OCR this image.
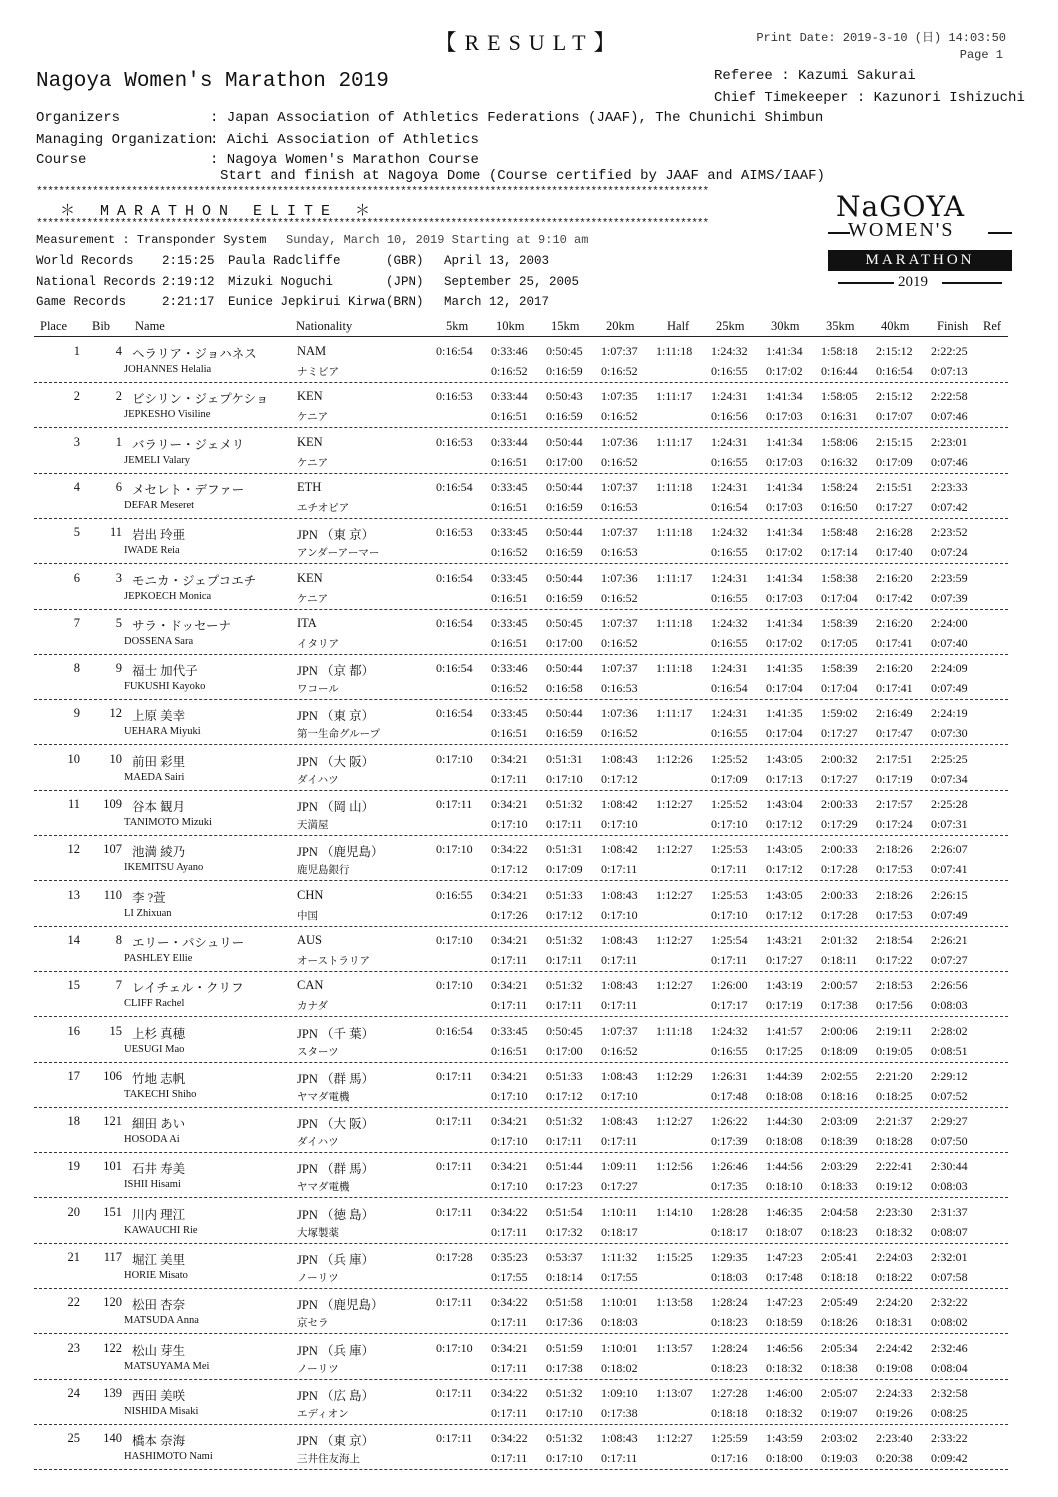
【RESULT】	Print Date: 2019-3-10 (日) 14:03:50
Page 1
Nagoya Women's Marathon 2019	Referee : Kazumi Sakurai
Chief Timekeeper : Kazunori Ishizuchi
Organizers	: Japan Association of Athletics Federations (JAAF), The Chunichi Shimbun
Managing Organization: Aichi Association of Athletics
Course	: Nagoya Women's Marathon Course
Start and finish at Nagoya Dome (Course certified by JAAF and AIMS/IAAF)
************************************************************************************************************************
＊ MARATHON ELITE ＊
************************************************************************************************************************
Measurement : Transponder System Sunday, March 10, 2019 Starting at 9:10 am
World Records 2:15:25 Paula Radcliffe	(GBR) April 13, 2003
National Records 2:19:12 Mizuki Noguchi	(JPN) September 25, 2005
Game Records	2:21:17 Eunice Jepkirui Kirwa (BRN) March 12, 2017
NaGOYA
WOMEN'S
MARATHON
2019
Place Bib Name	Nationality	5km 10km 15km 20km	Half 25km 30km 35km 40km Finish Ref
1	4 ヘラリア・ジョハネス	NAM	0:16:54 0:33:46 0:50:45 1:07:37 1:11:18 1:24:32 1:41:34 1:58:18 2:15:12 2:22:25
JOHANNES Helalia	ナミビア	0:16:52 0:16:59 0:16:52	0:16:55 0:17:02 0:16:44 0:16:54 0:07:13
2	2 ビシリン・ジェプケショ KEN	0:16:53 0:33:44 0:50:43 1:07:35 1:11:17 1:24:31 1:41:34 1:58:05 2:15:12 2:22:58
JEPKESHO Visiline	ケニア	0:16:51 0:16:59 0:16:52	0:16:56 0:17:03 0:16:31 0:17:07 0:07:46
3	1 バラリー・ジェメリ	KEN	0:16:53 0:33:44 0:50:44 1:07:36 1:11:17 1:24:31 1:41:34 1:58:06 2:15:15 2:23:01
JEMELI Valary	ケニア	0:16:51 0:17:00 0:16:52	0:16:55 0:17:03 0:16:32 0:17:09 0:07:46
4	6 メセレト・デファー	ETH	0:16:54 0:33:45 0:50:44 1:07:37 1:11:18 1:24:31 1:41:34 1:58:24 2:15:51 2:23:33
DEFAR Meseret	エチオピア	0:16:51 0:16:59 0:16:53	0:16:54 0:17:03 0:16:50 0:17:27 0:07:42
5 11 岩出 玲亜	JPN （東 京）	0:16:53 0:33:45 0:50:44 1:07:37 1:11:18 1:24:32 1:41:34 1:58:48 2:16:28 2:23:52
IWADE Reia	アンダーアーマー	0:16:52 0:16:59 0:16:53	0:16:55 0:17:02 0:17:14 0:17:40 0:07:24
6	3 モニカ・ジェプコエチ	KEN	0:16:54 0:33:45 0:50:44 1:07:36 1:11:17 1:24:31 1:41:34 1:58:38 2:16:20 2:23:59
JEPKOECH Monica	ケニア	0:16:51 0:16:59 0:16:52	0:16:55 0:17:03 0:17:04 0:17:42 0:07:39
7	5 サラ・ドッセーナ	ITA	0:16:54 0:33:45 0:50:45 1:07:37 1:11:18 1:24:32 1:41:34 1:58:39 2:16:20 2:24:00
DOSSENA Sara	イタリア	0:16:51 0:17:00 0:16:52	0:16:55 0:17:02 0:17:05 0:17:41 0:07:40
8	9 福士 加代子	JPN （京 都）	0:16:54 0:33:46 0:50:44 1:07:37 1:11:18 1:24:31 1:41:35 1:58:39 2:16:20 2:24:09
FUKUSHI Kayoko	ワコール	0:16:52 0:16:58 0:16:53	0:16:54 0:17:04 0:17:04 0:17:41 0:07:49
9 12 上原 美幸	JPN （東 京）	0:16:54 0:33:45 0:50:44 1:07:36 1:11:17 1:24:31 1:41:35 1:59:02 2:16:49 2:24:19
UEHARA Miyuki	第一生命グループ	0:16:51 0:16:59 0:16:52	0:16:55 0:17:04 0:17:27 0:17:47 0:07:30
10 10 前田 彩里	JPN （大 阪）	0:17:10 0:34:21 0:51:31 1:08:43 1:12:26 1:25:52 1:43:05 2:00:32 2:17:51 2:25:25
MAEDA Sairi	ダイハツ	0:17:11 0:17:10 0:17:12	0:17:09 0:17:13 0:17:27 0:17:19 0:07:34
11 109 谷本 観月	JPN （岡 山）	0:17:11 0:34:21 0:51:32 1:08:42 1:12:27 1:25:52 1:43:04 2:00:33 2:17:57 2:25:28
TANIMOTO Mizuki	天満屋	0:17:10 0:17:11 0:17:10	0:17:10 0:17:12 0:17:29 0:17:24 0:07:31
12 107 池満 綾乃	JPN （鹿児島）	0:17:10 0:34:22 0:51:31 1:08:42 1:12:27 1:25:53 1:43:05 2:00:33 2:18:26 2:26:07
IKEMITSU Ayano	鹿児島銀行	0:17:12 0:17:09 0:17:11	0:17:11 0:17:12 0:17:28 0:17:53 0:07:41
13 110 李 ?萱	CHN	0:16:55 0:34:21 0:51:33 1:08:43 1:12:27 1:25:53 1:43:05 2:00:33 2:18:26 2:26:15
LI Zhixuan	中国	0:17:26 0:17:12 0:17:10	0:17:10 0:17:12 0:17:28 0:17:53 0:07:49
14	8 エリー・パシュリー	AUS	0:17:10 0:34:21 0:51:32 1:08:43 1:12:27 1:25:54 1:43:21 2:01:32 2:18:54 2:26:21
PASHLEY Ellie	オーストラリア	0:17:11 0:17:11 0:17:11	0:17:11 0:17:27 0:18:11 0:17:22 0:07:27
15	7 レイチェル・クリフ	CAN	0:17:10 0:34:21 0:51:32 1:08:43 1:12:27 1:26:00 1:43:19 2:00:57 2:18:53 2:26:56
CLIFF Rachel	カナダ	0:17:11 0:17:11 0:17:11	0:17:17 0:17:19 0:17:38 0:17:56 0:08:03
16 15 上杉 真穂	JPN （千 葉）	0:16:54 0:33:45 0:50:45 1:07:37 1:11:18 1:24:32 1:41:57 2:00:06 2:19:11 2:28:02
UESUGI Mao	スターツ	0:16:51 0:17:00 0:16:52	0:16:55 0:17:25 0:18:09 0:19:05 0:08:51
17 106 竹地 志帆	JPN （群 馬）	0:17:11 0:34:21 0:51:33 1:08:43 1:12:29 1:26:31 1:44:39 2:02:55 2:21:20 2:29:12
TAKECHI Shiho	ヤマダ電機	0:17:10 0:17:12 0:17:10	0:17:48 0:18:08 0:18:16 0:18:25 0:07:52
18 121 細田 あい	JPN （大 阪）	0:17:11 0:34:21 0:51:32 1:08:43 1:12:27 1:26:22 1:44:30 2:03:09 2:21:37 2:29:27
HOSODA Ai	ダイハツ	0:17:10 0:17:11 0:17:11	0:17:39 0:18:08 0:18:39 0:18:28 0:07:50
19 101 石井 寿美	JPN （群 馬）	0:17:11 0:34:21 0:51:44 1:09:11 1:12:56 1:26:46 1:44:56 2:03:29 2:22:41 2:30:44
ISHII Hisami	ヤマダ電機	0:17:10 0:17:23 0:17:27	0:17:35 0:18:10 0:18:33 0:19:12 0:08:03
20 151 川内 理江	JPN （徳 島）	0:17:11 0:34:22 0:51:54 1:10:11 1:14:10 1:28:28 1:46:35 2:04:58 2:23:30 2:31:37
KAWAUCHI Rie	大塚製薬	0:17:11 0:17:32 0:18:17	0:18:17 0:18:07 0:18:23 0:18:32 0:08:07
21 117 堀江 美里	JPN （兵 庫）	0:17:28 0:35:23 0:53:37 1:11:32 1:15:25 1:29:35 1:47:23 2:05:41 2:24:03 2:32:01
HORIE Misato	ノーリツ	0:17:55 0:18:14 0:17:55	0:18:03 0:17:48 0:18:18 0:18:22 0:07:58
22 120 松田 杏奈	JPN （鹿児島）	0:17:11 0:34:22 0:51:58 1:10:01 1:13:58 1:28:24 1:47:23 2:05:49 2:24:20 2:32:22
MATSUDA Anna	京セラ	0:17:11 0:17:36 0:18:03	0:18:23 0:18:59 0:18:26 0:18:31 0:08:02
23 122 松山 芽生	JPN （兵 庫）	0:17:10 0:34:21 0:51:59 1:10:01 1:13:57 1:28:24 1:46:56 2:05:34 2:24:42 2:32:46
MATSUYAMA Mei	ノーリツ	0:17:11 0:17:38 0:18:02	0:18:23 0:18:32 0:18:38 0:19:08 0:08:04
24 139 西田 美咲	JPN （広 島）	0:17:11 0:34:22 0:51:32 1:09:10 1:13:07 1:27:28 1:46:00 2:05:07 2:24:33 2:32:58
NISHIDA Misaki	エディオン	0:17:11 0:17:10 0:17:38	0:18:18 0:18:32 0:19:07 0:19:26 0:08:25
25 140 橋本 奈海	JPN （東 京）	0:17:11 0:34:22 0:51:32 1:08:43 1:12:27 1:25:59 1:43:59 2:03:02 2:23:40 2:33:22
HASHIMOTO Nami	三井住友海上	0:17:11 0:17:10 0:17:11	0:17:16 0:18:00 0:19:03 0:20:38 0:09:42
